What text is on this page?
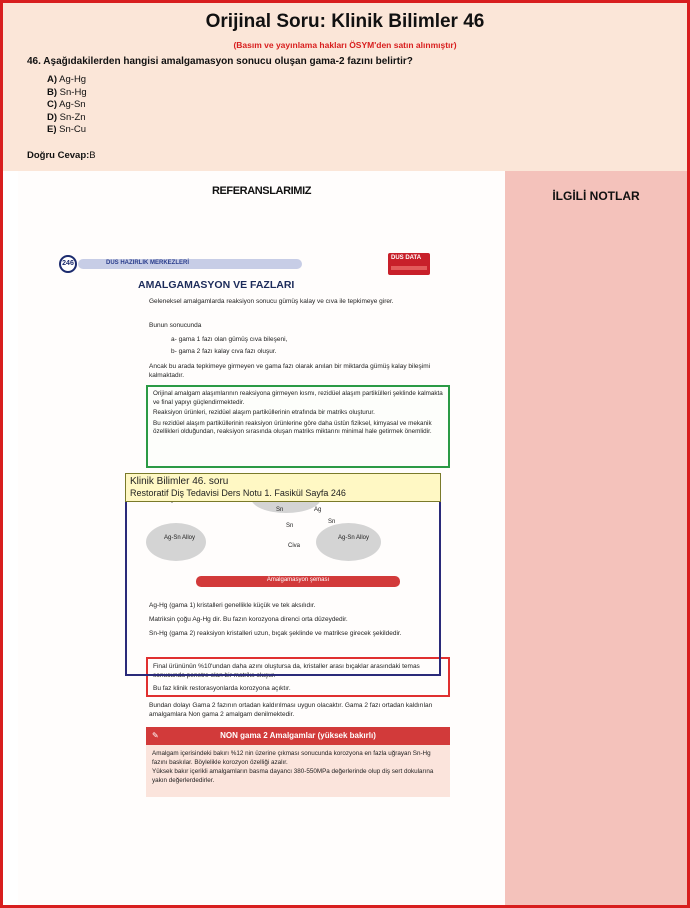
Orijinal Soru: Klinik Bilimler 46
(Basım ve yayınlama hakları ÖSYM'den satın alınmıştır)
46. Aşağıdakilerden hangisi amalgamasyon sonucu oluşan gama-2 fazını belirtir?
A) Ag-Hg
B) Sn-Hg
C) Ag-Sn
D) Sn-Zn
E) Sn-Cu
Doğru Cevap:B
REFERANSLARIMIZ
DUS HAZIRLIK MERKEZLERİ
246
DUS DATA
AMALGAMASYON VE FAZLARI
Geleneksel amalgamlarda reaksiyon sonucu gümüş kalay ve cıva ile tepkimeye girer.
Bunun sonucunda
a- gama 1 fazı olan gümüş cıva bileşeni,
b- gama 2 fazı kalay cıva fazı oluşur.
Ancak bu arada tepkimeye girmeyen ve gama fazı olarak anılan bir miktarda gümüş kalay bileşimi kalmaktadır.
Orijinal amalgam alaşımlarının reaksiyona girmeyen kısmı, rezidüel alaşım partikülleri şeklinde kalmakta ve final yapıyı güçlendirmektedir.
Reaksiyon ürünleri, rezidüel alaşım partiküllerinin etrafında bir matriks oluşturur.
Bu rezidüel alaşım partiküllerinin reaksiyon ürünlerine göre daha üstün fiziksel, kimyasal ve mekanik özellikleri olduğundan, reaksiyon sırasında oluşan matriks miktarını minimal hale getirmek önemlidir.
Sn	Ag
Sn
Ag-Sn Alloy	Ag-Sn Alloy
Civa
Sn
Amalgamasyon şeması
Ag-Hg (gama 1) kristalleri genellikle küçük ve tek aksılıdır.
Matriksin çoğu Ag-Hg dir. Bu fazın korozyona direnci orta düzeydedir.
Sn-Hg (gama 2) reaksiyon kristalleri uzun, bıçak şeklinde ve matrikse girecek şekildedir.
Final ürününün %10'undan daha azını oluştursa da, kristaller arası bıçaklar arasındaki temas sonucunda penetre olan bir matriks oluşur.
Bu faz klinik restorasyonlarda korozyona açıktır.
Bundan dolayı Gama 2 fazının ortadan kaldırılması uygun olacaktır. Gama 2 fazı ortadan kaldırılan amalgamlara Non gama 2 amalgam denilmektedir.
✎	NON gama 2 Amalgamlar (yüksek bakırlı)
Amalgam içerisindeki bakırı %12 nin üzerine çıkması sonucunda korozyona en fazla uğrayan Sn-Hg fazını baskılar. Böylelikle korozyon özelliği azalır.
Yüksek bakır içerikli amalgamların basma dayancı 380-550MPa değerlerinde olup diş sert dokularına yakın değerlerdedirler.
İLGİLİ NOTLAR
Klinik Bilimler 46. soru
Restoratif Diş Tedavisi Ders Notu 1. Fasikül Sayfa 246
